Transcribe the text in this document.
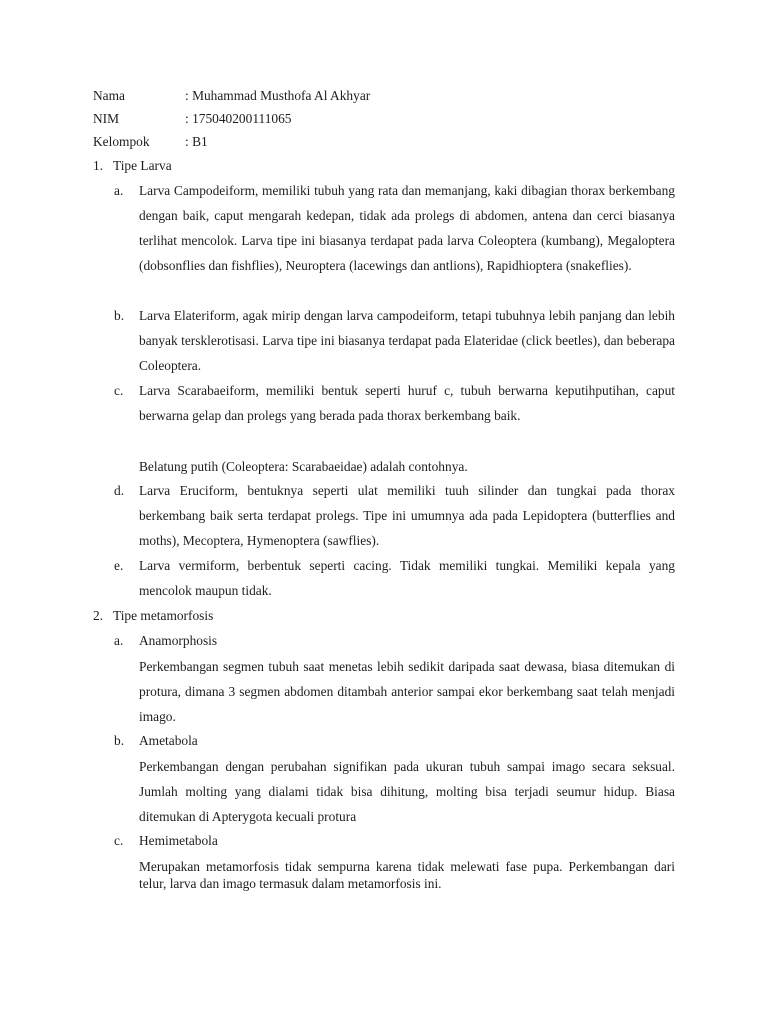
Nama	: Muhammad Musthofa Al Akhyar
NIM	: 175040200111065
Kelompok	: B1
1. Tipe Larva
a. Larva Campodeiform, memiliki tubuh yang rata dan memanjang, kaki dibagian thorax berkembang dengan baik, caput mengarah kedepan, tidak ada prolegs di abdomen, antena dan cerci biasanya terlihat mencolok. Larva tipe ini biasanya terdapat pada larva Coleoptera (kumbang), Megaloptera (dobsonflies dan fishflies), Neuroptera (lacewings dan antlions), Rapidhioptera (snakeflies).
b. Larva Elateriform, agak mirip dengan larva campodeiform, tetapi tubuhnya lebih panjang dan lebih banyak tersklerotisasi. Larva tipe ini biasanya terdapat pada Elateridae (click beetles), dan beberapa Coleoptera.
c. Larva Scarabaeiform, memiliki bentuk seperti huruf c, tubuh berwarna keputihputihan, caput berwarna gelap dan prolegs yang berada pada thorax berkembang baik.
Belatung putih (Coleoptera: Scarabaeidae) adalah contohnya.
d. Larva Eruciform, bentuknya seperti ulat memiliki tuuh silinder dan tungkai pada thorax berkembang baik serta terdapat prolegs. Tipe ini umumnya ada pada Lepidoptera (butterflies and moths), Mecoptera, Hymenoptera (sawflies).
e. Larva vermiform, berbentuk seperti cacing. Tidak memiliki tungkai. Memiliki kepala yang mencolok maupun tidak.
2. Tipe metamorfosis
a. Anamorphosis
Perkembangan segmen tubuh saat menetas lebih sedikit daripada saat dewasa, biasa ditemukan di protura, dimana 3 segmen abdomen ditambah anterior sampai ekor berkembang saat telah menjadi imago.
b. Ametabola
Perkembangan dengan perubahan signifikan pada ukuran tubuh sampai imago secara seksual. Jumlah molting yang dialami tidak bisa dihitung, molting bisa terjadi seumur hidup. Biasa ditemukan di Apterygota kecuali protura
c. Hemimetabola
Merupakan metamorfosis tidak sempurna karena tidak melewati fase pupa. Perkembangan dari telur, larva dan imago termasuk dalam metamorfosis ini.
